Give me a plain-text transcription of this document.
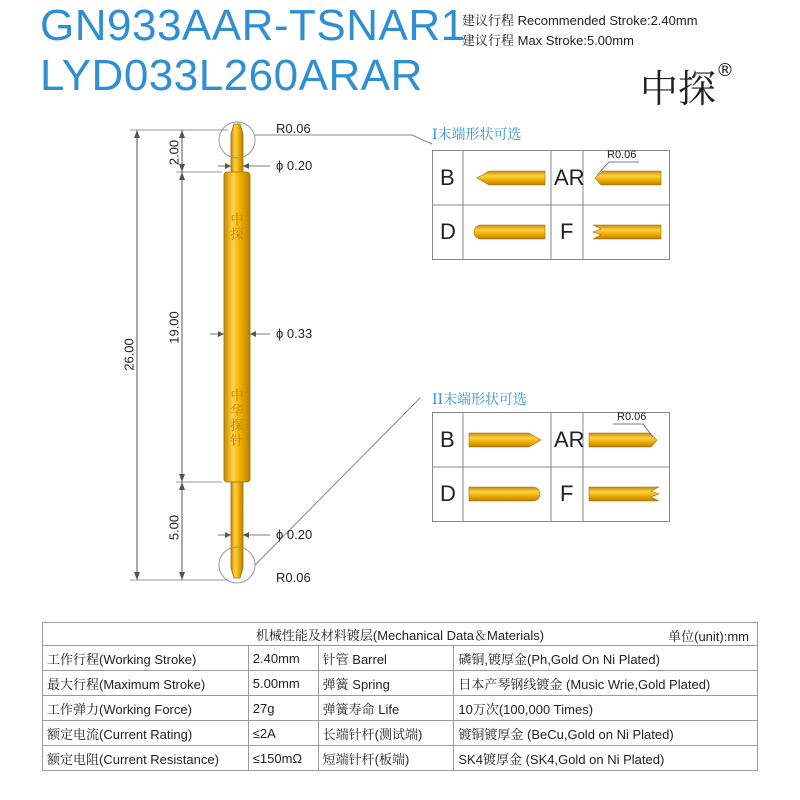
GN933AAR-TSNAR1
LYD033L260ARAR
建议行程 Recommended Stroke:2.40mm
建议行程 Max Stroke:5.00mm
中探®
中探
中华探针
26.00
2.00
19.00
5.00
R0.06
ϕ 0.20
ϕ 0.33
ϕ 0.20
R0.06
I末端形状可选
B	AR
D	F
R0.06
II末端形状可选
B	AR
D	F
R0.06
机械性能及材料镀层(Mechanical Data＆Materials) 单位(unit):mm			

工作行程(Working Stroke)	2.40mm	针管 Barrel	磷铜,镀厚金(Ph,Gold On Ni Plated)
最大行程(Maximum Stroke)	5.00mm	弹簧 Spring	日本产琴钢线镀金 (Music Wrie,Gold Plated)
工作弹力(Working Force)	27g	弹簧寿命 Life	10万次(100,000 Times)
额定电流(Current Rating)	≤2A	长端针杆(测试端)	镀铜镀厚金 (BeCu,Gold on Ni Plated)
额定电阻(Current Resistance)	≤150mΩ	短端针杆(板端)	SK4镀厚金 (SK4,Gold on Ni Plated)
